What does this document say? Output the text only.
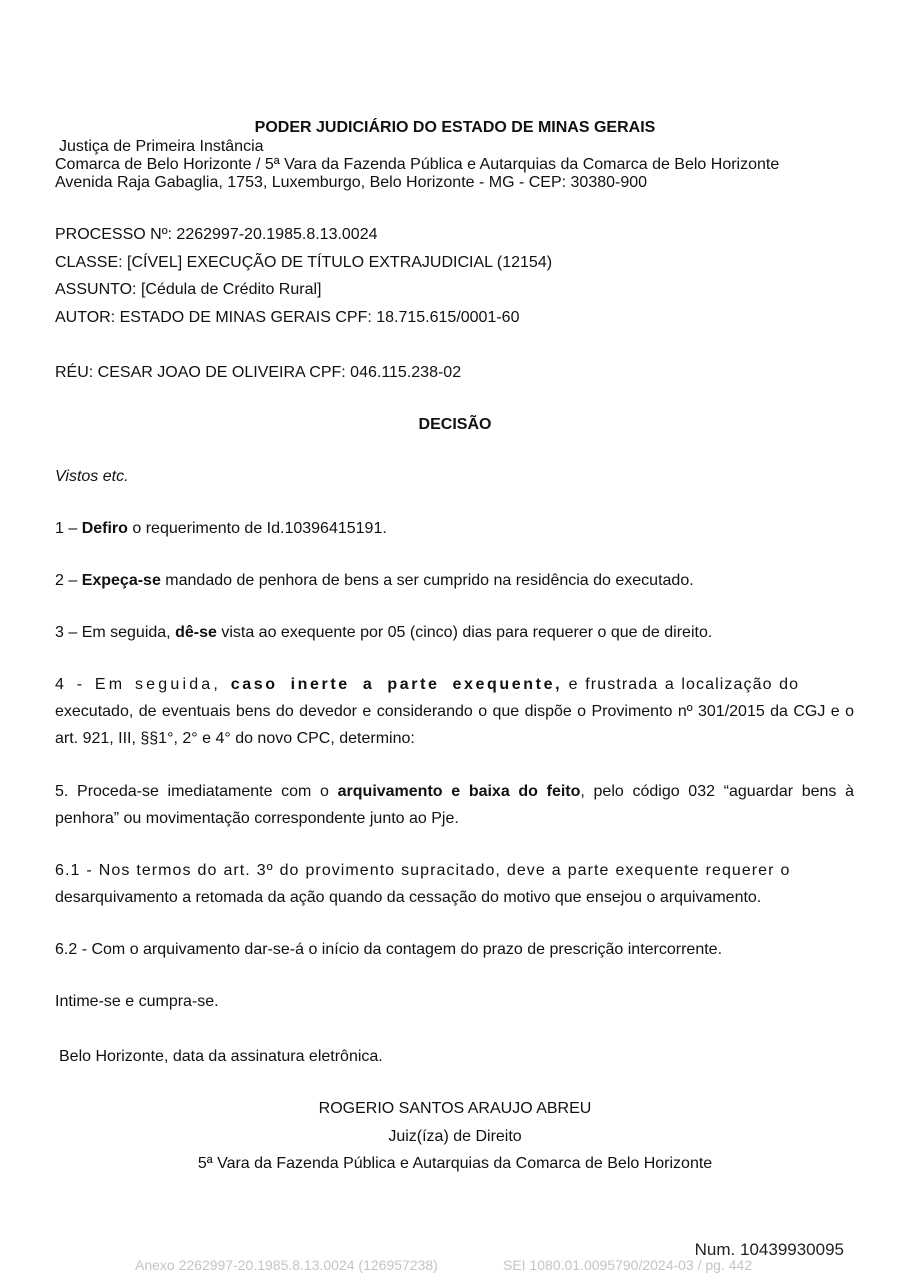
PODER JUDICIÁRIO DO ESTADO DE MINAS GERAIS
Justiça de Primeira Instância
Comarca de Belo Horizonte / 5ª Vara da Fazenda Pública e Autarquias da Comarca de Belo Horizonte
Avenida Raja Gabaglia, 1753, Luxemburgo, Belo Horizonte - MG - CEP: 30380-900
PROCESSO Nº: 2262997-20.1985.8.13.0024
CLASSE: [CÍVEL] EXECUÇÃO DE TÍTULO EXTRAJUDICIAL (12154)
ASSUNTO: [Cédula de Crédito Rural]
AUTOR: ESTADO DE MINAS GERAIS CPF: 18.715.615/0001-60
RÉU: CESAR JOAO DE OLIVEIRA CPF: 046.115.238-02
DECISÃO
Vistos etc.
1 – Defiro o requerimento de Id.10396415191.
2 – Expeça-se mandado de penhora de bens a ser cumprido na residência do executado.
3 – Em seguida, dê-se vista ao exequente por 05 (cinco) dias para requerer o que de direito.
4 - Em seguida, caso inerte a parte exequente, e frustrada a localização do
executado, de eventuais bens do devedor e considerando o que dispõe o Provimento nº 301/2015 da CGJ e o art. 921, III, §§1°, 2° e 4° do novo CPC, determino:
5. Proceda-se imediatamente com o arquivamento e baixa do feito, pelo código 032 “aguardar bens à penhora” ou movimentação correspondente junto ao Pje.
6.1 - Nos termos do art. 3º do provimento supracitado, deve a parte exequente requerer o
desarquivamento a retomada da ação quando da cessação do motivo que ensejou o arquivamento.
6.2 - Com o arquivamento dar-se-á o início da contagem do prazo de prescrição intercorrente.
Intime-se e cumpra-se.
Belo Horizonte, data da assinatura eletrônica.
ROGERIO SANTOS ARAUJO ABREU
Juiz(íza) de Direito
5ª Vara da Fazenda Pública e Autarquias da Comarca de Belo Horizonte
Num. 10439930095
Anexo 2262997-20.1985.8.13.0024 (126957238)	SEI 1080.01.0095790/2024-03 / pg. 442
